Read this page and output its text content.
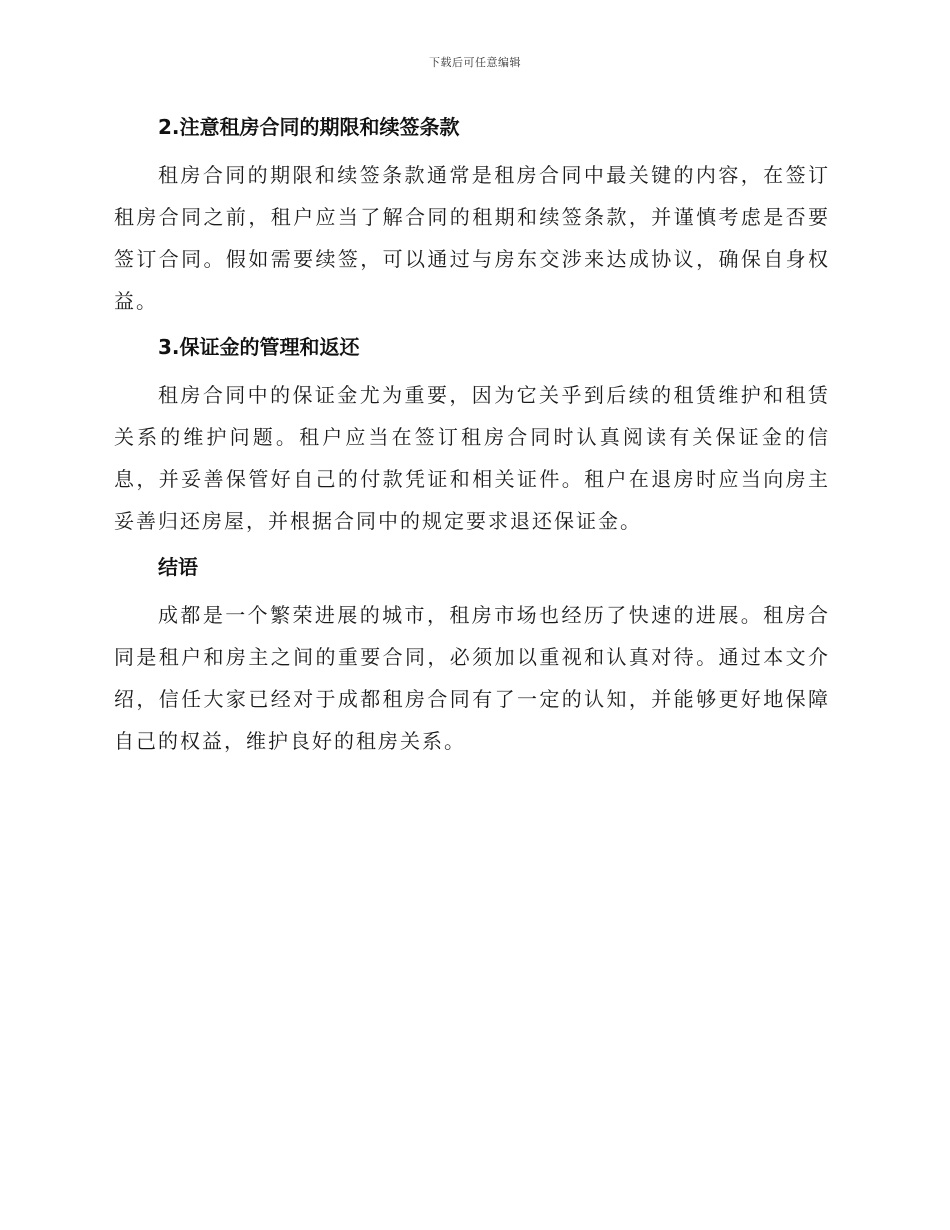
下载后可任意编辑
2.注意租房合同的期限和续签条款

租房合同的期限和续签条款通常是租房合同中最关键的内容，在签订租房合同之前，租户应当了解合同的租期和续签条款，并谨慎考虑是否要签订合同。假如需要续签，可以通过与房东交涉来达成协议，确保自身权益。

3.保证金的管理和返还

租房合同中的保证金尤为重要，因为它关乎到后续的租赁维护和租赁关系的维护问题。租户应当在签订租房合同时认真阅读有关保证金的信息，并妥善保管好自己的付款凭证和相关证件。租户在退房时应当向房主妥善归还房屋，并根据合同中的规定要求退还保证金。

结语

成都是一个繁荣进展的城市，租房市场也经历了快速的进展。租房合同是租户和房主之间的重要合同，必须加以重视和认真对待。通过本文介绍，信任大家已经对于成都租房合同有了一定的认知，并能够更好地保障自己的权益，维护良好的租房关系。
